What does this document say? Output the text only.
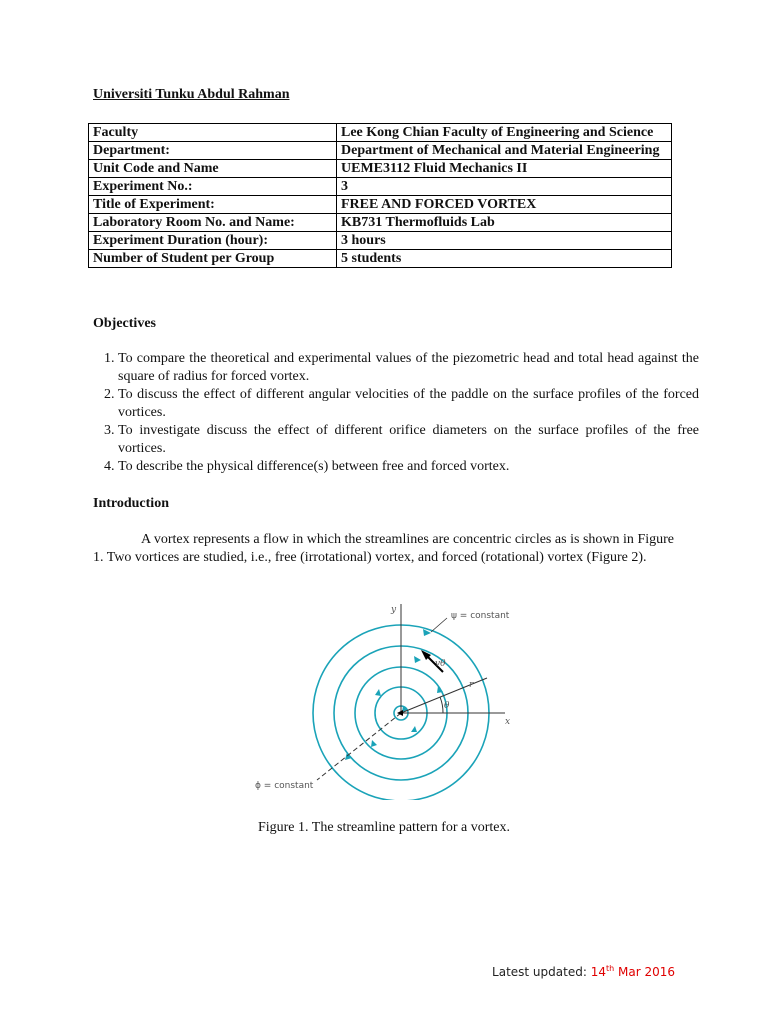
Universiti Tunku Abdul Rahman
Faculty	Lee Kong Chian Faculty of Engineering and Science
Department:	Department of Mechanical and Material Engineering
Unit Code and Name	UEME3112 Fluid Mechanics II
Experiment No.:	3
Title of Experiment:	FREE AND FORCED VORTEX
Laboratory Room No. and Name:	KB731 Thermofluids Lab
Experiment Duration (hour):	3 hours
Number of Student per Group	5 students
Objectives
1. To compare the theoretical and experimental values of the piezometric head and total head against the square of radius for forced vortex.
2. To discuss the effect of different angular velocities of the paddle on the surface profiles of the forced vortices.
3. To investigate discuss the effect of different orifice diameters on the surface profiles of the free vortices.
4. To describe the physical difference(s) between free and forced vortex.
Introduction

A vortex represents a flow in which the streamlines are concentric circles as is shown in Figure 1. Two vortices are studied, i.e., free (irrotational) vortex, and forced (rotational) vortex (Figure 2).

y
x
ψ = constant
ϕ = constant
vθ
r
θ
Figure 1. The streamline pattern for a vortex.
Latest updated: 14th Mar 2016
